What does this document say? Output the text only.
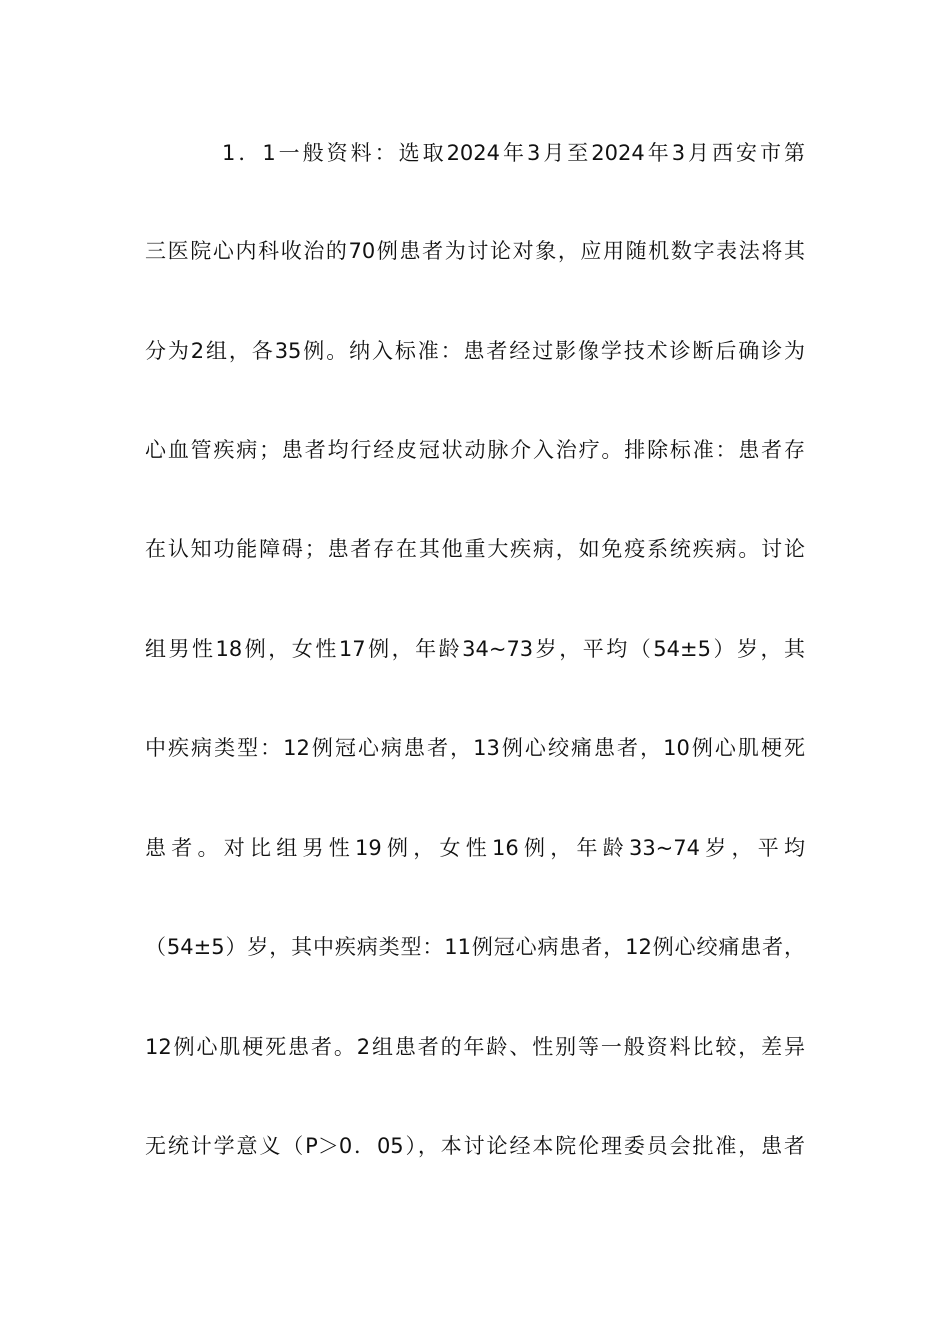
1．1一般资料：选取2024年3月至2024年3月西安市第
三医院心内科收治的70例患者为讨论对象，应用随机数字表法将其
分为2组，各35例。纳入标准：患者经过影像学技术诊断后确诊为
心血管疾病；患者均行经皮冠状动脉介入治疗。排除标准：患者存
在认知功能障碍；患者存在其他重大疾病，如免疫系统疾病。讨论
组男性18例，女性17例，年龄34~73岁，平均（54±5）岁，其
中疾病类型：12例冠心病患者，13例心绞痛患者，10例心肌梗死
患者。对比组男性19例，女性16例，年龄33~74岁，平均
（54±5）岁，其中疾病类型：11例冠心病患者，12例心绞痛患者，
12例心肌梗死患者。2组患者的年龄、性别等一般资料比较，差异
无统计学意义（P＞0．05），本讨论经本院伦理委员会批准，患者
